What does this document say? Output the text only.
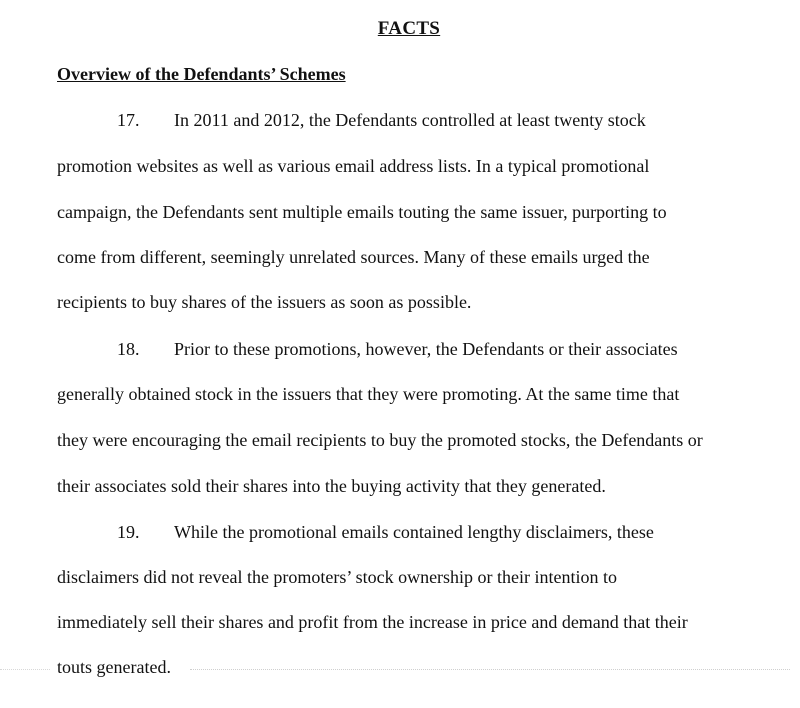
FACTS
Overview of the Defendants’ Schemes
17. In 2011 and 2012, the Defendants controlled at least twenty stock
promotion websites as well as various email address lists. In a typical promotional
campaign, the Defendants sent multiple emails touting the same issuer, purporting to
come from different, seemingly unrelated sources. Many of these emails urged the
recipients to buy shares of the issuers as soon as possible.
18. Prior to these promotions, however, the Defendants or their associates
generally obtained stock in the issuers that they were promoting. At the same time that
they were encouraging the email recipients to buy the promoted stocks, the Defendants or
their associates sold their shares into the buying activity that they generated.
19. While the promotional emails contained lengthy disclaimers, these
disclaimers did not reveal the promoters’ stock ownership or their intention to
immediately sell their shares and profit from the increase in price and demand that their
touts generated.
